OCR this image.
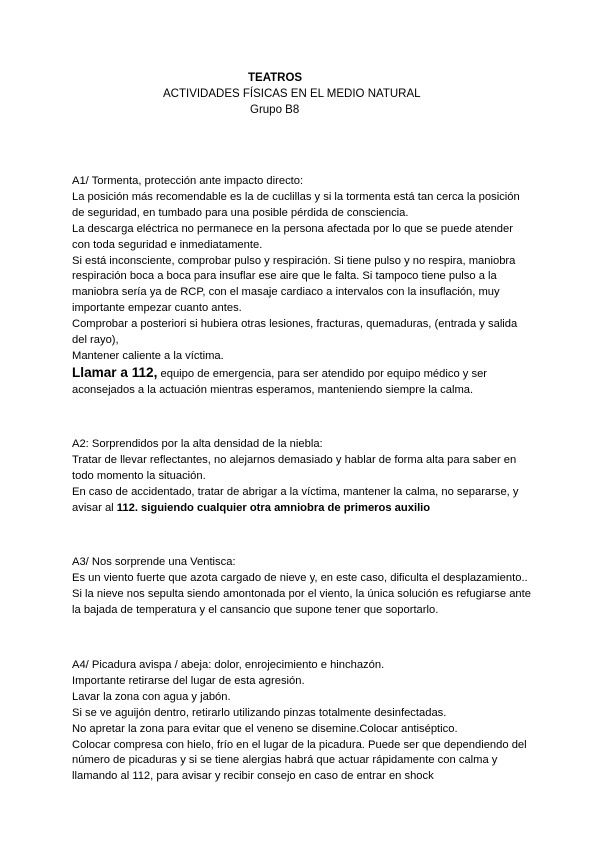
TEATROS
ACTIVIDADES FÍSICAS EN EL MEDIO NATURAL
Grupo B8

A1/ Tormenta, protección ante impacto directo:

La posición más recomendable es la de cuclillas y si la tormenta está tan cerca la posición de seguridad, en tumbado para una posible pérdida de consciencia.

La descarga eléctrica no permanece en la persona afectada por lo que se puede atender con toda seguridad e inmediatamente.

Si está inconsciente, comprobar pulso y respiración. Si tiene pulso y no respira, maniobra respiración boca a boca para insuflar ese aire que le falta. Si tampoco tiene pulso a la maniobra sería ya de RCP, con el masaje cardiaco a intervalos con la insuflación, muy importante empezar cuanto antes.

Comprobar a posteriori si hubiera otras lesiones, fracturas, quemaduras, (entrada y salida del rayo),

Mantener caliente a la víctima.

Llamar a 112, equipo de emergencia, para ser atendido por equipo médico y ser aconsejados a la actuación mientras esperamos, manteniendo siempre la calma.

A2: Sorprendidos por la alta densidad de la niebla:

Tratar de llevar reflectantes, no alejarnos demasiado y hablar de forma alta para saber en todo momento la situación.

En caso de accidentado, tratar de abrigar a la víctima, mantener la calma, no separarse, y avisar al 112. siguiendo cualquier otra amniobra de primeros auxilio

A3/ Nos sorprende una Ventisca:

Es un viento fuerte que azota cargado de nieve y, en este caso, dificulta el desplazamiento..

Si la nieve nos sepulta siendo amontonada por el viento, la única solución es refugiarse ante la bajada de temperatura y el cansancio que supone tener que soportarlo.

A4/ Picadura avispa / abeja: dolor, enrojecimiento e hinchazón.

Importante retirarse del lugar de esta agresión.

Lavar la zona con agua y jabón.

Si se ve aguijón dentro, retirarlo utilizando pinzas totalmente desinfectadas.

No apretar la zona para evitar que el veneno se disemine.Colocar antiséptico.

Colocar compresa con hielo, frío en el lugar de la picadura. Puede ser que dependiendo del número de picaduras y si se tiene alergias habrá que actuar rápidamente con calma y llamando al 112, para avisar y recibir consejo en caso de entrar en shock
